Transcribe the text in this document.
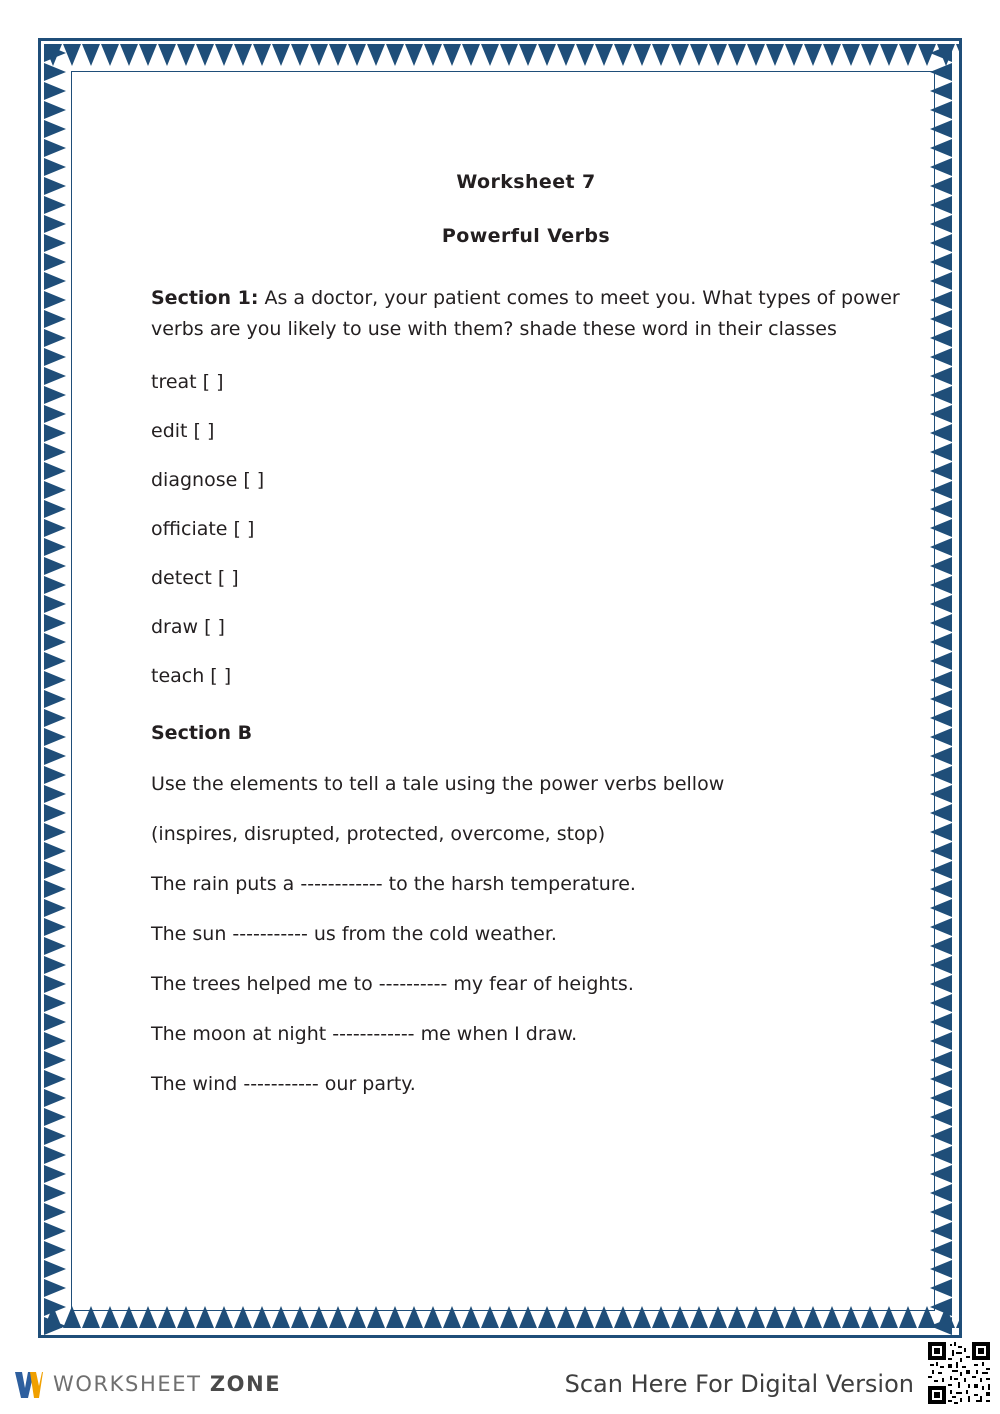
Worksheet 7
Powerful Verbs
Section 1: As a doctor, your patient comes to meet you. What types of power verbs are you likely to use with them? shade these word in their classes
treat [ ]
edit [ ]
diagnose [ ]
officiate [ ]
detect [ ]
draw [ ]
teach [ ]
Section B
Use the elements to tell a tale using the power verbs bellow
(inspires, disrupted, protected, overcome, stop)
The rain puts a ------------ to the harsh temperature.
The sun ----------- us from the cold weather.
The trees helped me to ---------- my fear of heights.
The moon at night ------------ me when I draw.
The wind ----------- our party.
WORKSHEET ZONE	Scan Here For Digital Version
